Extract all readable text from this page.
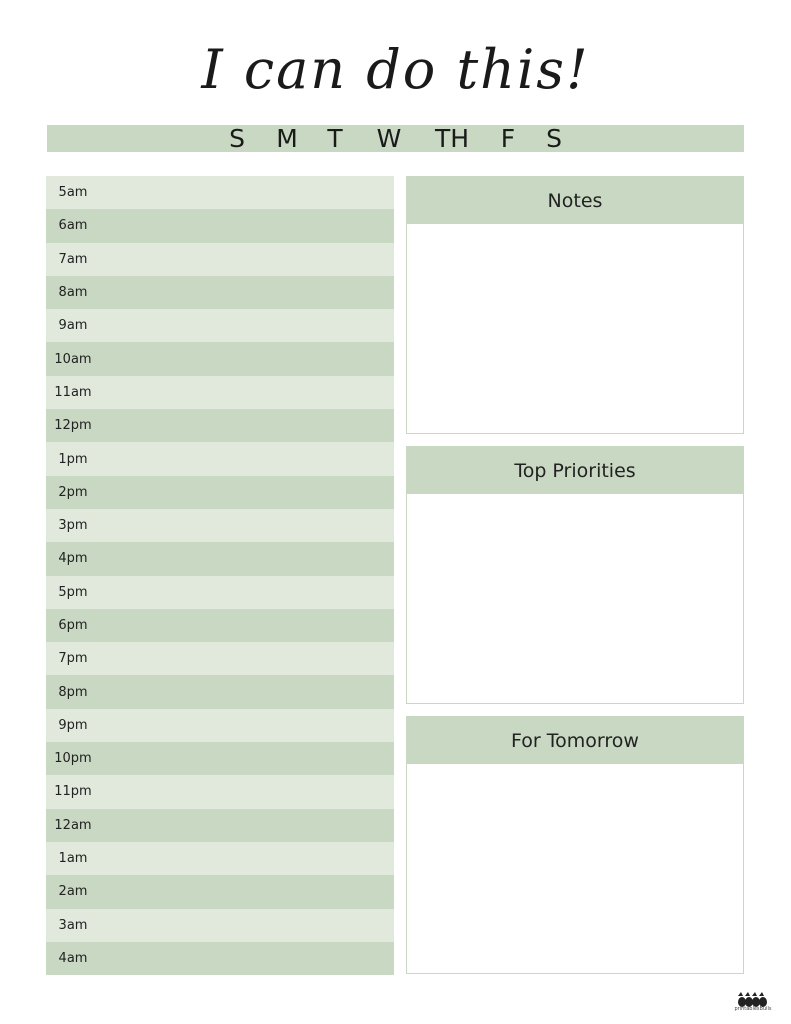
I can do this!
S M T W TH F S
5am
6am
7am
8am
9am
10am
11am
12pm
1pm
2pm
3pm
4pm
5pm
6pm
7pm
8pm
9pm
10pm
11pm
12am
1am
2am
3am
4am
Notes
Top Priorities
For Tomorrow
printablesBulls
